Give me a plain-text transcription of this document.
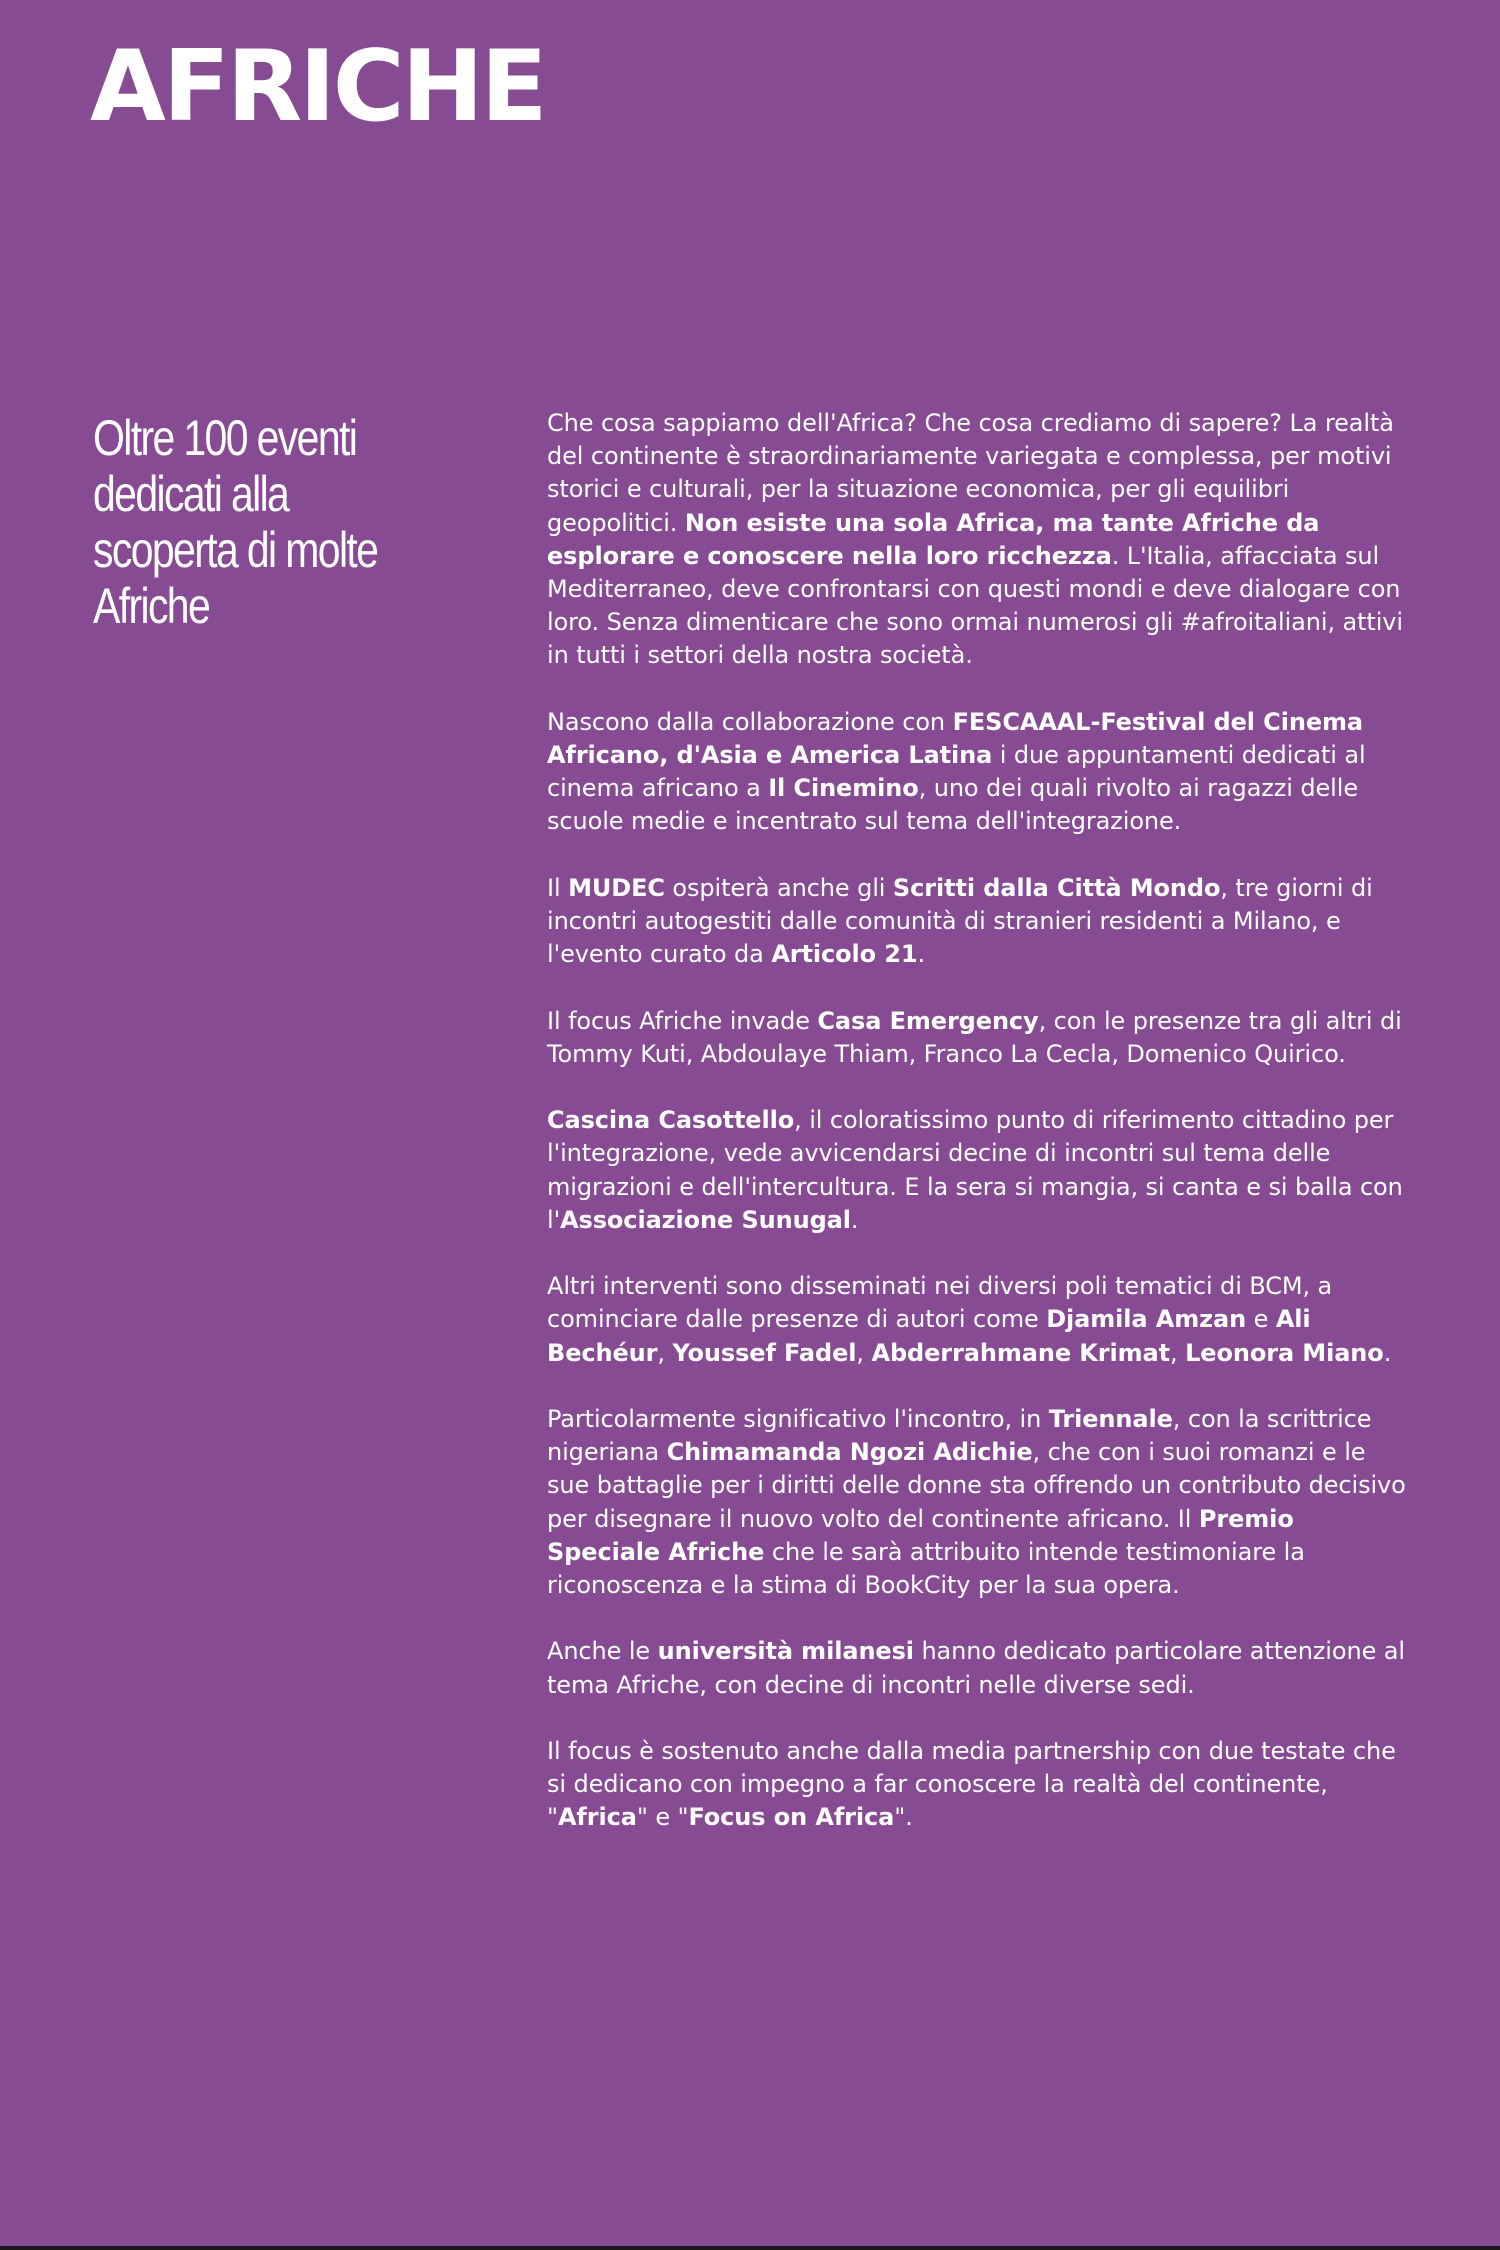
AFRICHE
Oltre 100 eventi dedicati alla scoperta di molte Afriche

Che cosa sappiamo dell'Africa? Che cosa crediamo di sapere? La realtà del continente è straordinariamente variegata e complessa, per motivi storici e culturali, per la situazione economica, per gli equilibri geopolitici. Non esiste una sola Africa, ma tante Afriche da esplorare e conoscere nella loro ricchezza. L'Italia, affacciata sul Mediterraneo, deve confrontarsi con questi mondi e deve dialogare con loro. Senza dimenticare che sono ormai numerosi gli #afroitaliani, attivi in tutti i settori della nostra società.

Nascono dalla collaborazione con FESCAAAL-Festival del Cinema Africano, d'Asia e America Latina i due appuntamenti dedicati al cinema africano a Il Cinemino, uno dei quali rivolto ai ragazzi delle scuole medie e incentrato sul tema dell'integrazione.

Il MUDEC ospiterà anche gli Scritti dalla Città Mondo, tre giorni di incontri autogestiti dalle comunità di stranieri residenti a Milano, e l'evento curato da Articolo 21.

Il focus Afriche invade Casa Emergency, con le presenze tra gli altri di Tommy Kuti, Abdoulaye Thiam, Franco La Cecla, Domenico Quirico.

Cascina Casottello, il coloratissimo punto di riferimento cittadino per l'integrazione, vede avvicendarsi decine di incontri sul tema delle migrazioni e dell'intercultura. E la sera si mangia, si canta e si balla con l'Associazione Sunugal.

Altri interventi sono disseminati nei diversi poli tematici di BCM, a cominciare dalle presenze di autori come Djamila Amzan e Ali Bechéur, Youssef Fadel, Abderrahmane Krimat, Leonora Miano.

Particolarmente significativo l'incontro, in Triennale, con la scrittrice nigeriana Chimamanda Ngozi Adichie, che con i suoi romanzi e le sue battaglie per i diritti delle donne sta offrendo un contributo decisivo per disegnare il nuovo volto del continente africano. Il Premio Speciale Afriche che le sarà attribuito intende testimoniare la riconoscenza e la stima di BookCity per la sua opera.

Anche le università milanesi hanno dedicato particolare attenzione al tema Afriche, con decine di incontri nelle diverse sedi.

Il focus è sostenuto anche dalla media partnership con due testate che si dedicano con impegno a far conoscere la realtà del continente, "Africa" e "Focus on Africa".
